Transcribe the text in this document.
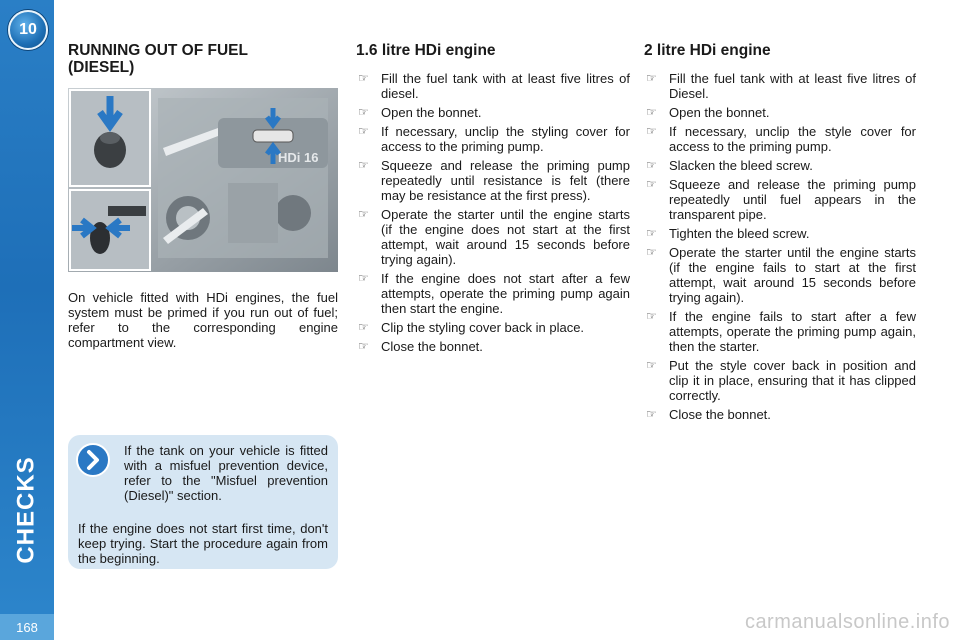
10
CHECKS
168
RUNNING OUT OF FUEL
(DIESEL)
HDi 16
On vehicle fitted with HDi engines, the fuel system must be primed if you run out of fuel; refer to the corresponding engine compartment view.
If the tank on your vehicle is fitted with a misfuel prevention device, refer to the "Misfuel prevention (Diesel)" section.
If the engine does not start first time, don't keep trying. Start the procedure again from the beginning.
1.6 litre HDi engine
☞ Fill the fuel tank with at least five litres of diesel.
☞ Open the bonnet.
☞ If necessary, unclip the styling cover for access to the priming pump.
☞ Squeeze and release the priming pump repeatedly until resistance is felt (there may be resistance at the first press).
☞ Operate the starter until the engine starts (if the engine does not start at the first attempt, wait around 15 seconds before trying again).
☞ If the engine does not start after a few attempts, operate the priming pump again then start the engine.
☞ Clip the styling cover back in place.
☞ Close the bonnet.
2 litre HDi engine
☞ Fill the fuel tank with at least five litres of Diesel.
☞ Open the bonnet.
☞ If necessary, unclip the style cover for access to the priming pump.
☞ Slacken the bleed screw.
☞ Squeeze and release the priming pump repeatedly until fuel appears in the transparent pipe.
☞ Tighten the bleed screw.
☞ Operate the starter until the engine starts (if the engine fails to start at the first attempt, wait around 15 seconds before trying again).
☞ If the engine fails to start after a few attempts, operate the priming pump again, then the starter.
☞ Put the style cover back in position and clip it in place, ensuring that it has clipped correctly.
☞ Close the bonnet.
carmanualsonline.info
